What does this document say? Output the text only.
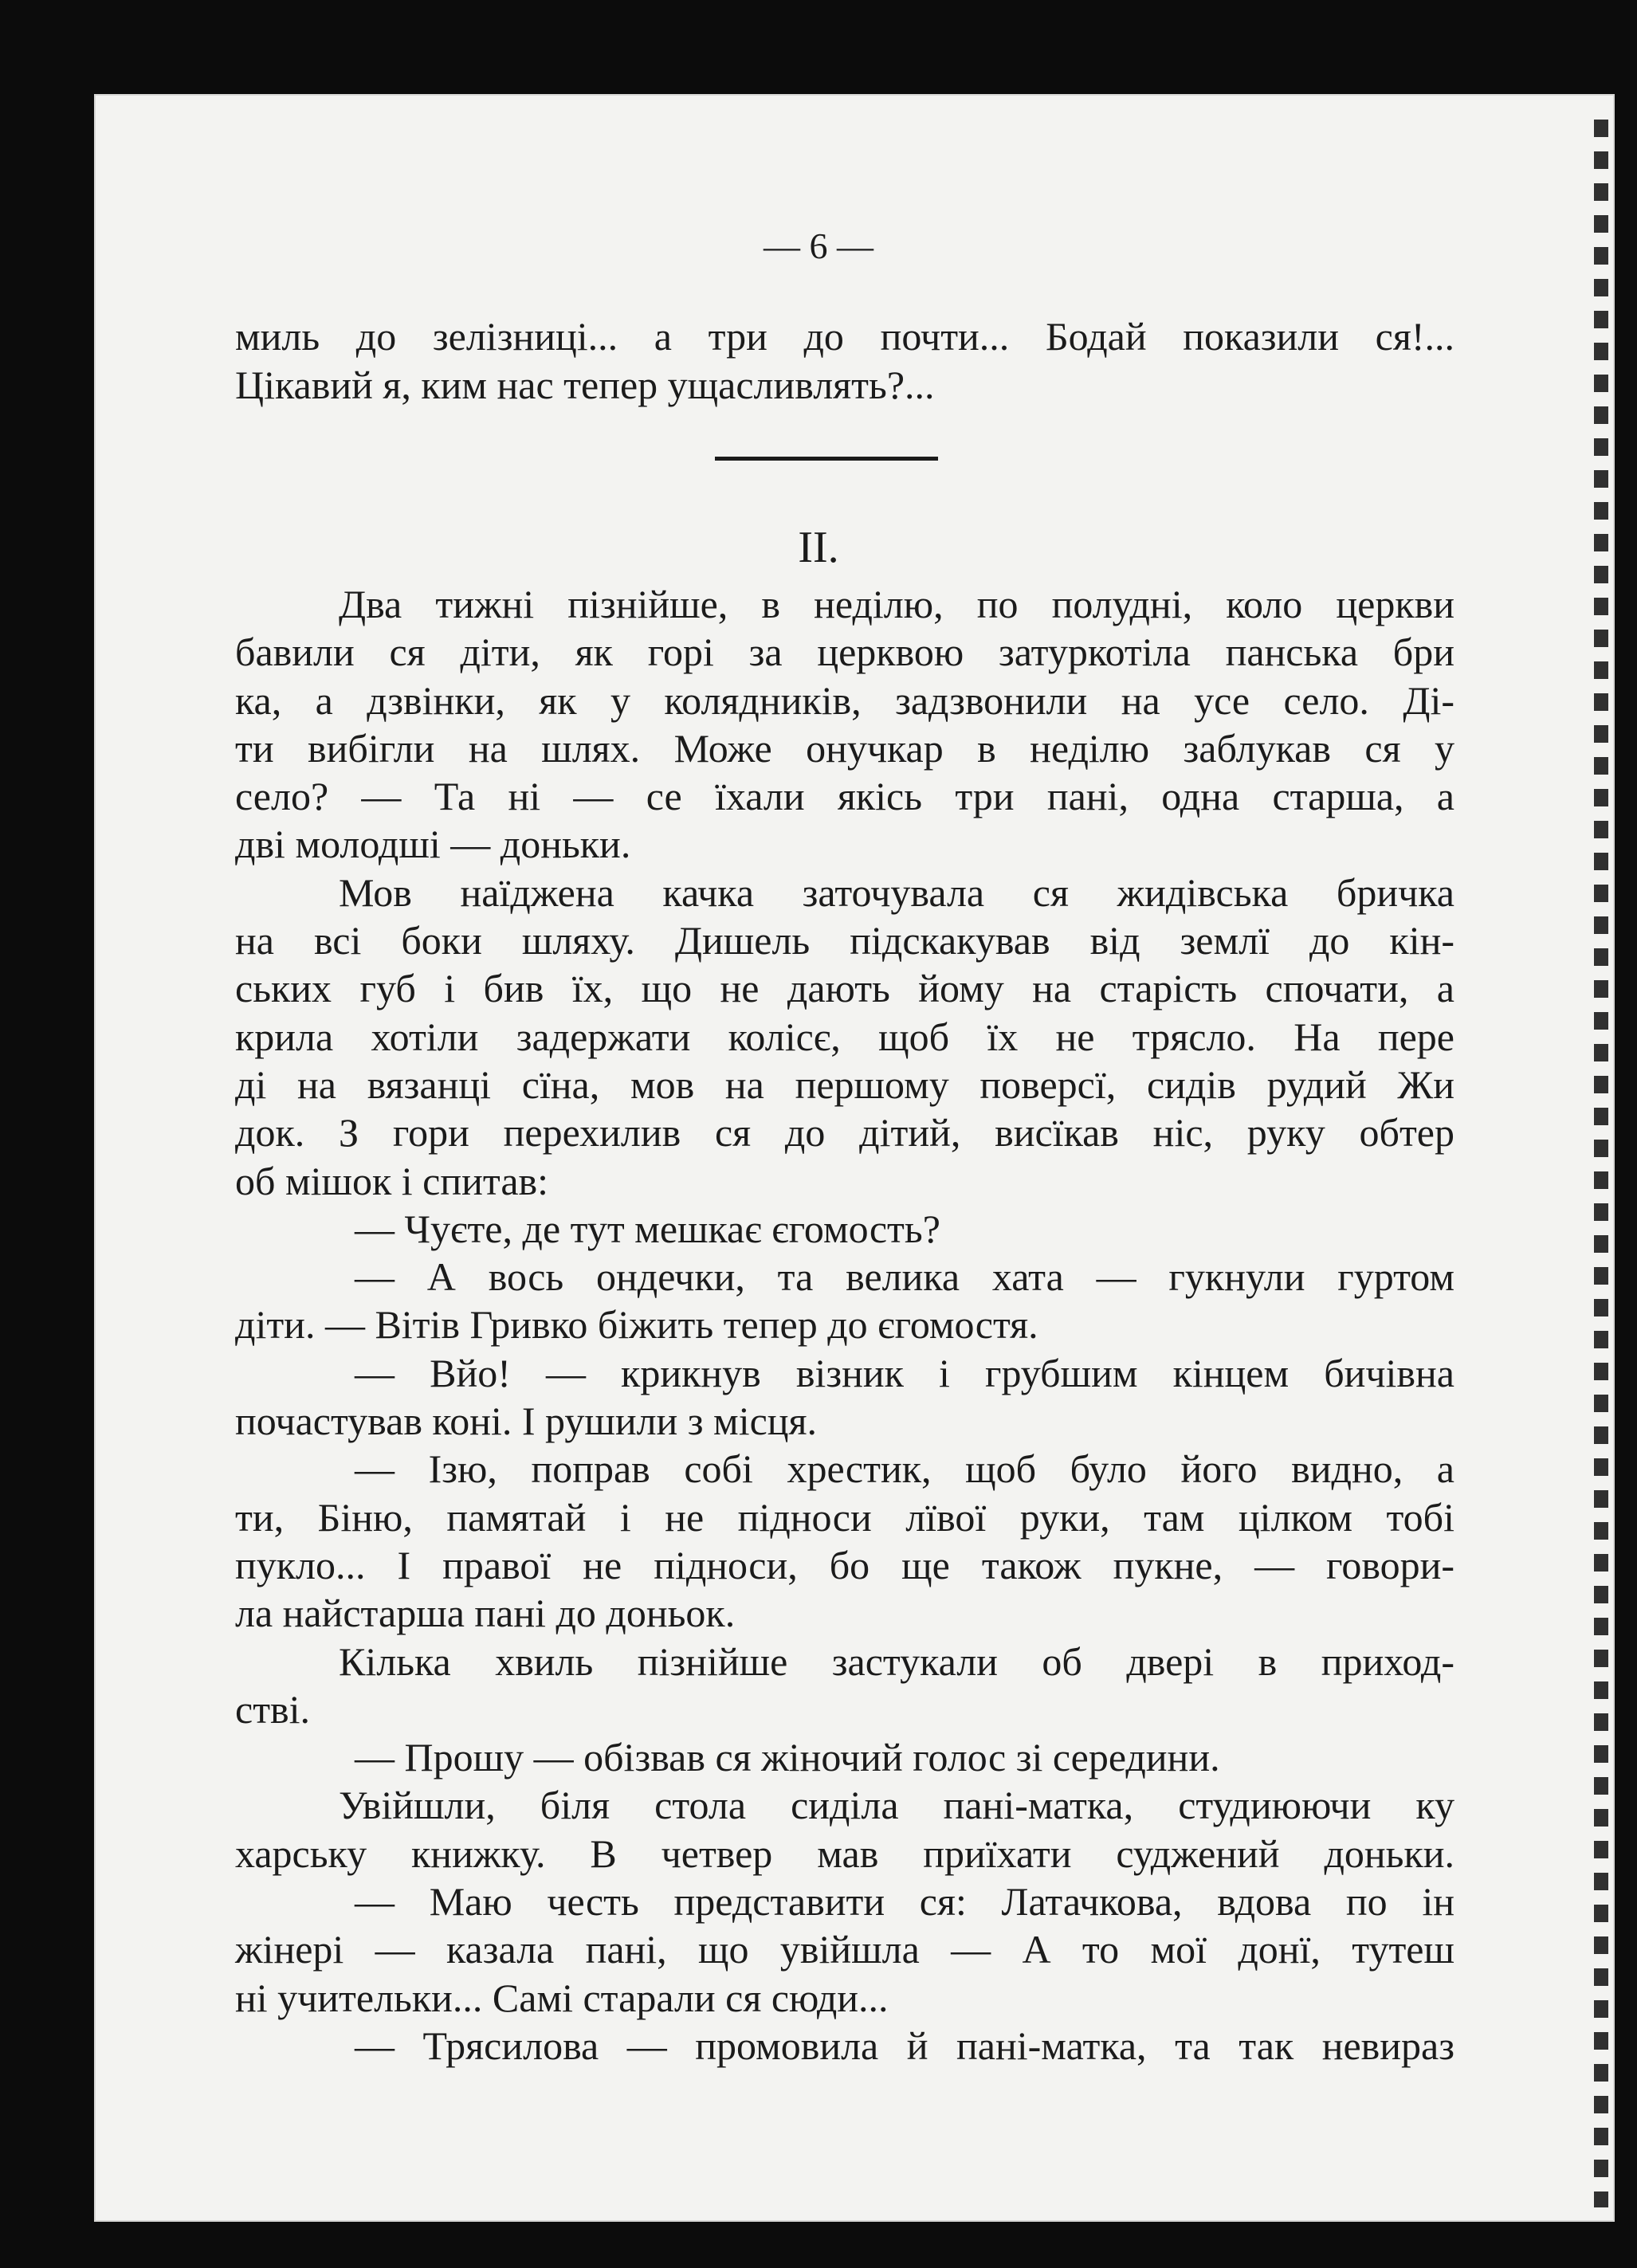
— 6 —
миль до зелізниці... а три до почти... Бодай показили ся!...
Цікавий я, ким нас тепер ущасливлять?...
II.
Два тижні пізнійше, в неділю, по полудні, коло церкви
бавили ся діти, як горі за церквою затуркотіла панська бри
ка, а дзвінки, як у колядників, задзвонили на усе село. Ді-
ти вибігли на шлях. Може онучкар в неділю заблукав ся у
село? — Та ні — се їхали якісь три пані, одна старша, а
дві молодші — доньки.
Мов наїджена качка заточувала ся жидівська бричка
на всі боки шляху. Дишель підскакував від землї до кін-
ських губ і бив їх, що не дають йому на старість спочати, а
крила хотіли задержати колісє, щоб їх не трясло. На пере
ді на вязанці сїна, мов на першому поверсї, сидів рудий Жи
док. З гори перехилив ся до дітий, висїкав ніс, руку обтер
об мішок і спитав:
— Чуєте, де тут мешкає єгомость?
— А вось ондечки, та велика хата — гукнули гуртом
діти. — Вітів Гривко біжить тепер до єгомостя.
— Вйо! — крикнув візник і грубшим кінцем бичівна
почастував коні. І рушили з місця.
— Ізю, поправ собі хрестик, щоб було його видно, а
ти, Біню, памятай і не підноси лївої руки, там цілком тобі
пукло... І правої не підноси, бо ще також пукне, — говори-
ла найстарша пані до доньок.
Кілька хвиль пізнійше застукали об двері в приход-
стві.
— Прошу — обізвав ся жіночий голос зі середини.
Увійшли, біля стола сиділа пані-матка, студиюючи ку
харську книжку. В четвер мав приїхати суджений доньки.
— Маю честь представити ся: Латачкова, вдова по ін
жінері — казала пані, що увійшла — А то мої донї, тутеш
ні учительки... Самі старали ся сюди...
— Трясилова — промовила й пані-матка, та так невираз
